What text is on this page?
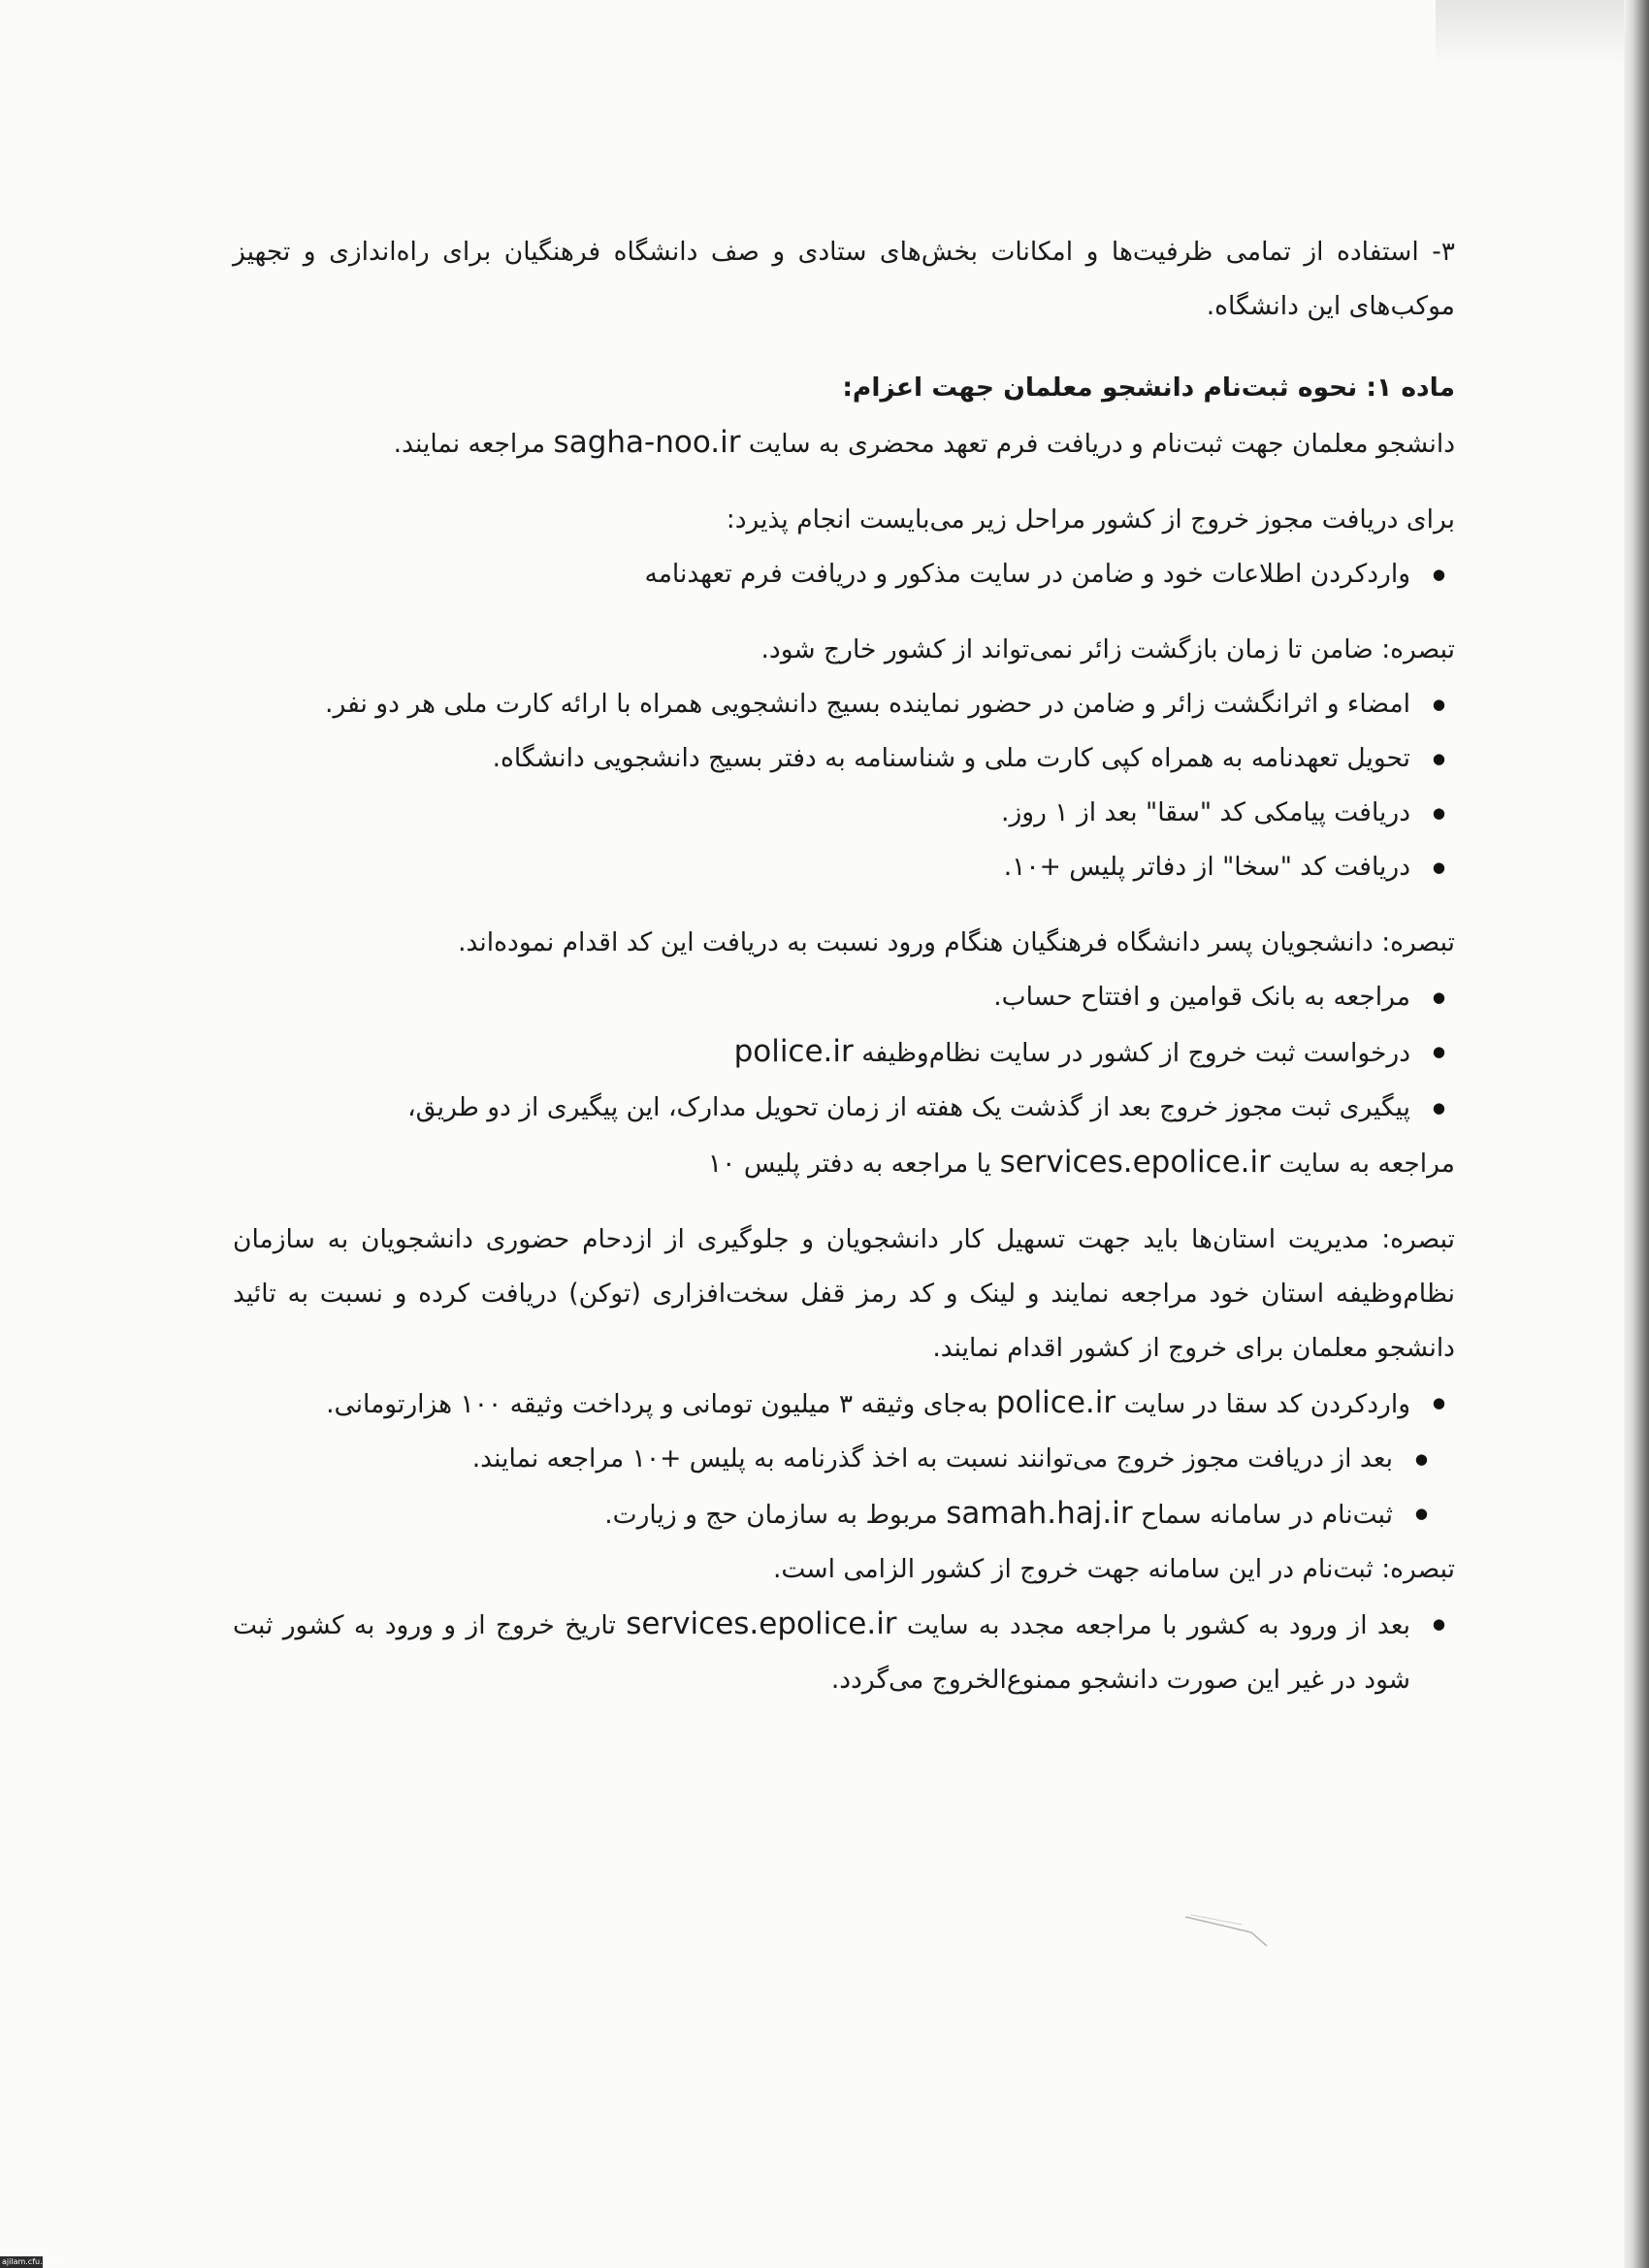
۳- استفاده از تمامی ظرفیت‌ها و امکانات بخش‌های ستادی و صف دانشگاه فرهنگیان برای راه‌اندازی و تجهیز موکب‌های این دانشگاه.

ماده ۱: نحوه ثبت‌نام دانشجو معلمان جهت اعزام:

دانشجو معلمان جهت ثبت‌نام و دریافت فرم تعهد محضری به سایت sagha-noo.ir مراجعه نمایند.

برای دریافت مجوز خروج از کشور مراحل زیر می‌بایست انجام پذیرد:

● واردکردن اطلاعات خود و ضامن در سایت مذکور و دریافت فرم تعهدنامه

تبصره: ضامن تا زمان بازگشت زائر نمی‌تواند از کشور خارج شود.

● امضاء و اثرانگشت زائر و ضامن در حضور نماینده بسیج دانشجویی همراه با ارائه کارت ملی هر دو نفر.
● تحویل تعهدنامه به همراه کپی کارت ملی و شناسنامه به دفتر بسیج دانشجویی دانشگاه.
● دریافت پیامکی کد "سقا" بعد از ۱ روز.
● دریافت کد "سخا" از دفاتر پلیس +۱۰.

تبصره: دانشجویان پسر دانشگاه فرهنگیان هنگام ورود نسبت به دریافت این کد اقدام نموده‌اند.

● مراجعه به بانک قوامین و افتتاح حساب.
● درخواست ثبت خروج از کشور در سایت نظام‌وظیفه police.ir
● پیگیری ثبت مجوز خروج بعد از گذشت یک هفته از زمان تحویل مدارک، این پیگیری از دو طریق،

مراجعه به سایت services.epolice.ir یا مراجعه به دفتر پلیس ۱۰

تبصره: مدیریت استان‌ها باید جهت تسهیل کار دانشجویان و جلوگیری از ازدحام حضوری دانشجویان به سازمان نظام‌وظیفه استان خود مراجعه نمایند و لینک و کد رمز قفل سخت‌افزاری (توکن) دریافت کرده و نسبت به تائید دانشجو معلمان برای خروج از کشور اقدام نمایند.

● واردکردن کد سقا در سایت police.ir به‌جای وثیقه ۳ میلیون تومانی و پرداخت وثیقه ۱۰۰ هزارتومانی.
● بعد از دریافت مجوز خروج می‌توانند نسبت به اخذ گذرنامه به پلیس +۱۰ مراجعه نمایند.
● ثبت‌نام در سامانه سماح samah.haj.ir مربوط به سازمان حج و زیارت.

تبصره: ثبت‌نام در این سامانه جهت خروج از کشور الزامی است.

● بعد از ورود به کشور با مراجعه مجدد به سایت services.epolice.ir تاریخ خروج از و ورود به کشور ثبت شود در غیر این صورت دانشجو ممنوع‌الخروج می‌گردد.
ajilam.cfu.ac.ir
